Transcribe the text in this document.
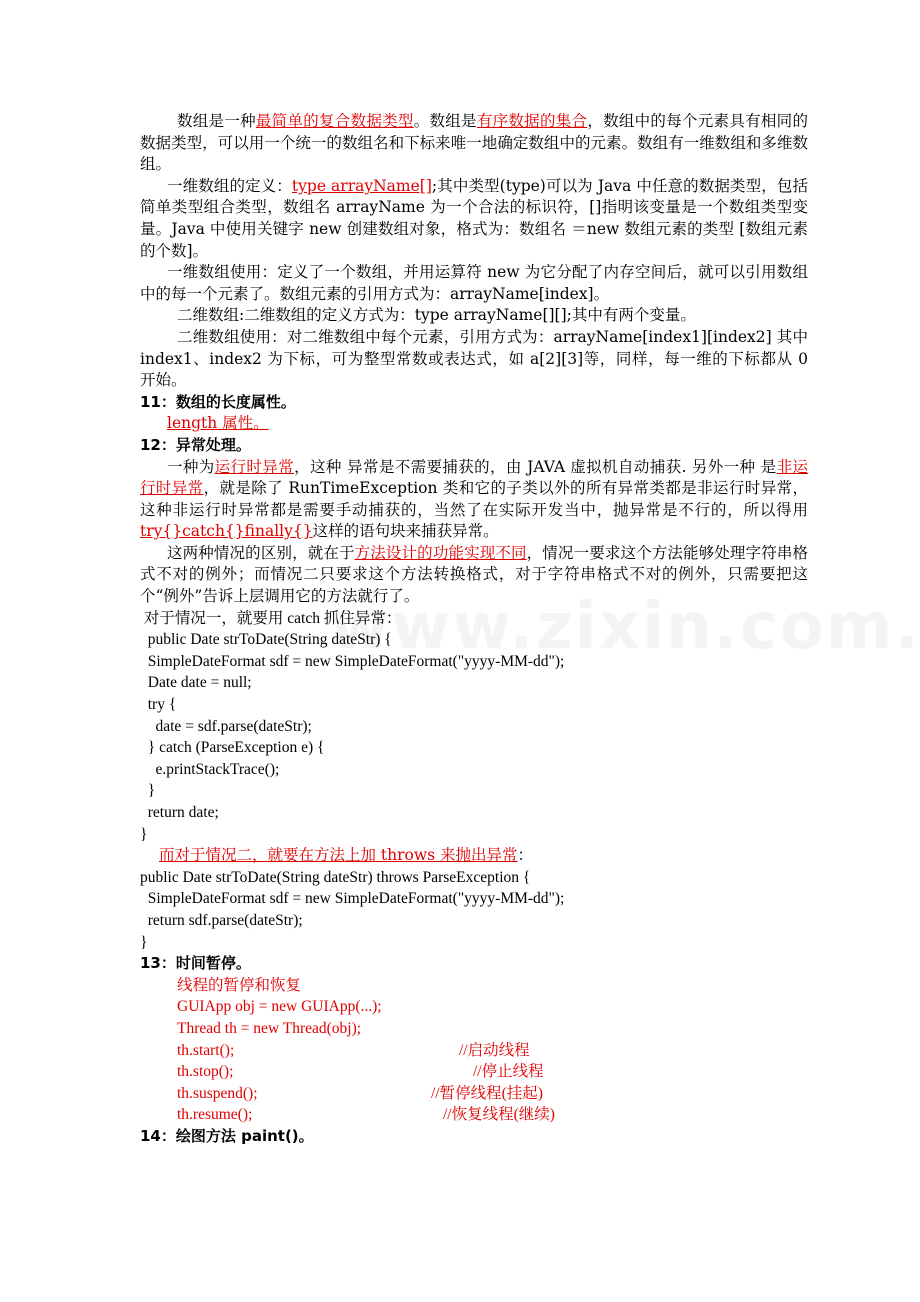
数组是一种最简单的复合数据类型。数组是有序数据的集合，数组中的每个元素具有相同的数据类型，可以用一个统一的数组名和下标来唯一地确定数组中的元素。数组有一维数组和多维数组。

一维数组的定义：type arrayName[];其中类型(type)可以为 Java 中任意的数据类型，包括简单类型组合类型，数组名 arrayName 为一个合法的标识符，[]指明该变量是一个数组类型变量。Java 中使用关键字 new 创建数组对象，格式为：数组名 ＝new 数组元素的类型 [数组元素的个数]。

一维数组使用：定义了一个数组，并用运算符 new 为它分配了内存空间后，就可以引用数组中的每一个元素了。数组元素的引用方式为：arrayName[index]。

二维数组:二维数组的定义方式为：type arrayName[][];其中有两个变量。

二维数组使用：对二维数组中每个元素，引用方式为：arrayName[index1][index2] 其中 index1、index2 为下标，可为整型常数或表达式，如 a[2][3]等，同样，每一维的下标都从 0 开始。

11：数组的长度属性。

length 属性。

12：异常处理。

一种为运行时异常，这种 异常是不需要捕获的，由 JAVA 虚拟机自动捕获. 另外一种 是非运行时异常，就是除了 RunTimeException 类和它的子类以外的所有异常类都是非运行时异常，这种非运行时异常都是需要手动捕获的，当然了在实际开发当中，抛异常是不行的，所以得用 try{}catch{}finally{}这样的语句块来捕获异常。

这两种情况的区别，就在于方法设计的功能实现不同，情况一要求这个方法能够处理字符串格式不对的例外；而情况二只要求这个方法转换格式，对于字符串格式不对的例外，只需要把这个“例外”告诉上层调用它的方法就行了。

对于情况一，就要用 catch 抓住异常：

public Date strToDate(String dateStr) {

SimpleDateFormat sdf = new SimpleDateFormat("yyyy-MM-dd");

Date date = null;

try {

date = sdf.parse(dateStr);

} catch (ParseException e) {

e.printStackTrace();

}

return date;

}

而对于情况二，就要在方法上加 throws 来抛出异常：

public Date strToDate(String dateStr) throws ParseException {

SimpleDateFormat sdf = new SimpleDateFormat("yyyy-MM-dd");

return sdf.parse(dateStr);

}

13：时间暂停。

线程的暂停和恢复

GUIApp obj = new GUIApp(...);

Thread th = new Thread(obj);

th.start();	//启动线程

th.stop();	//停止线程

th.suspend();	//暂停线程(挂起)

th.resume();	//恢复线程(继续)

14：绘图方法 paint()。
